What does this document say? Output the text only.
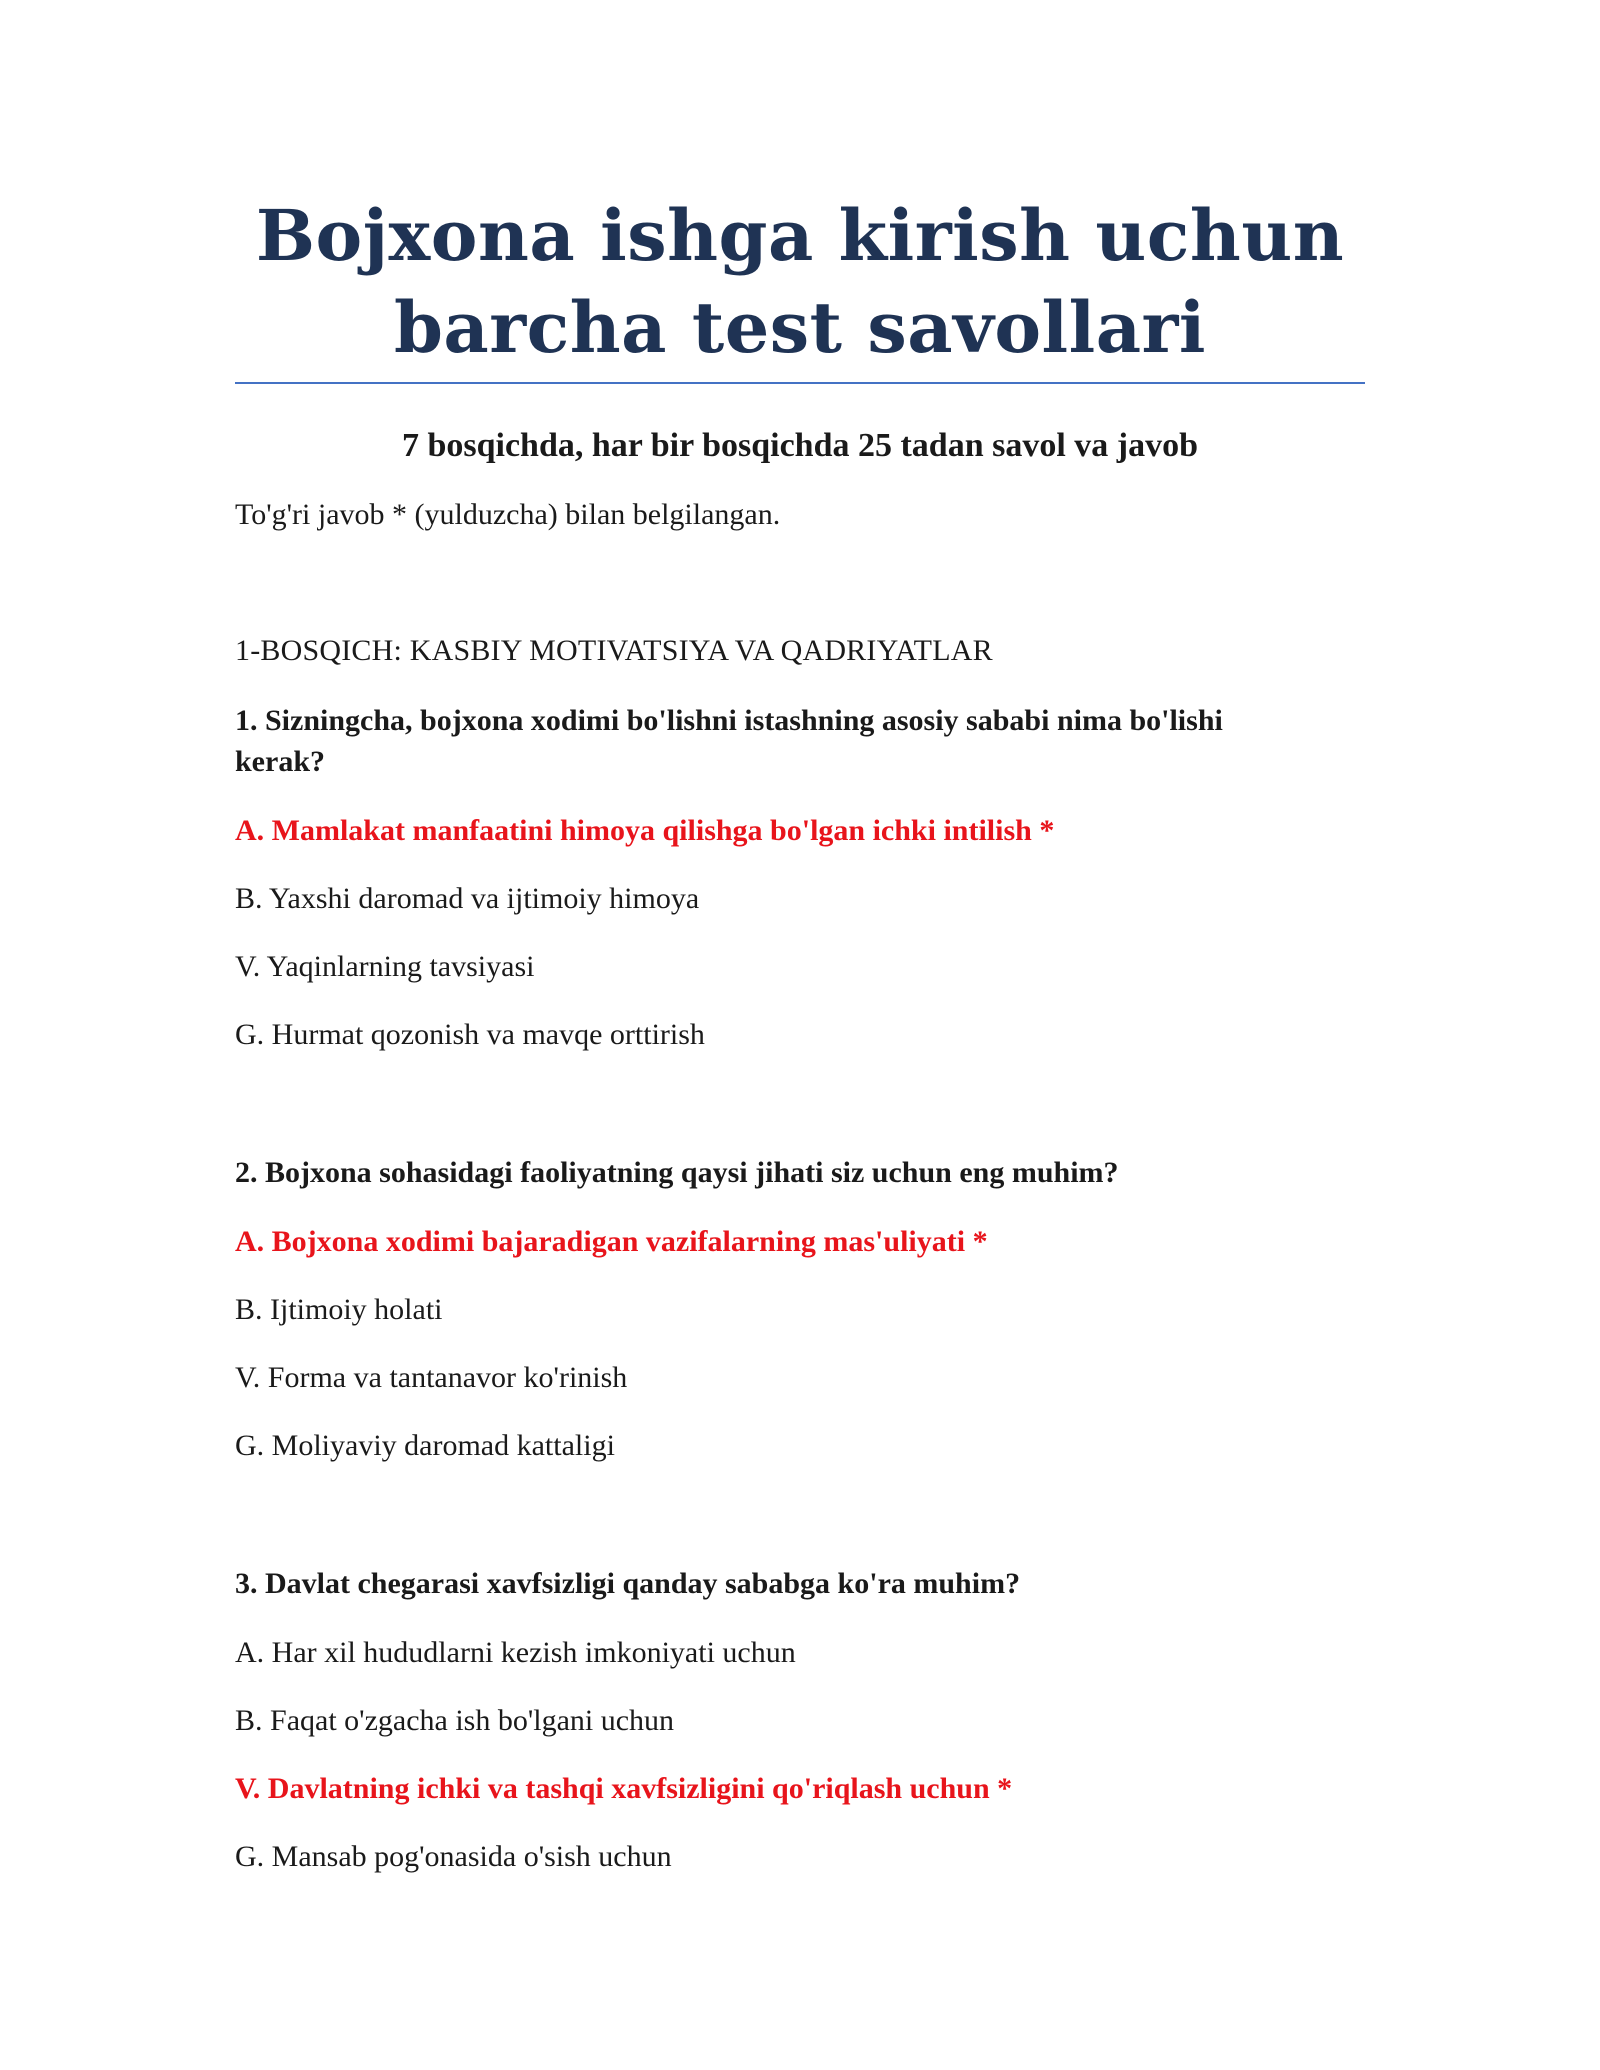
Bojxona ishga kirish uchun
barcha test savollari
7 bosqichda, har bir bosqichda 25 tadan savol va javob
To'g'ri javob * (yulduzcha) bilan belgilangan.
1-BOSQICH: KASBIY MOTIVATSIYA VA QADRIYATLAR
1. Sizningcha, bojxona xodimi bo'lishni istashning asosiy sababi nima bo'lishi kerak?
A. Mamlakat manfaatini himoya qilishga bo'lgan ichki intilish *
B. Yaxshi daromad va ijtimoiy himoya
V. Yaqinlarning tavsiyasi
G. Hurmat qozonish va mavqe orttirish
2. Bojxona sohasidagi faoliyatning qaysi jihati siz uchun eng muhim?
A. Bojxona xodimi bajaradigan vazifalarning mas'uliyati *
B. Ijtimoiy holati
V. Forma va tantanavor ko'rinish
G. Moliyaviy daromad kattaligi
3. Davlat chegarasi xavfsizligi qanday sababga ko'ra muhim?
A. Har xil hududlarni kezish imkoniyati uchun
B. Faqat o'zgacha ish bo'lgani uchun
V. Davlatning ichki va tashqi xavfsizligini qo'riqlash uchun *
G. Mansab pog'onasida o'sish uchun
